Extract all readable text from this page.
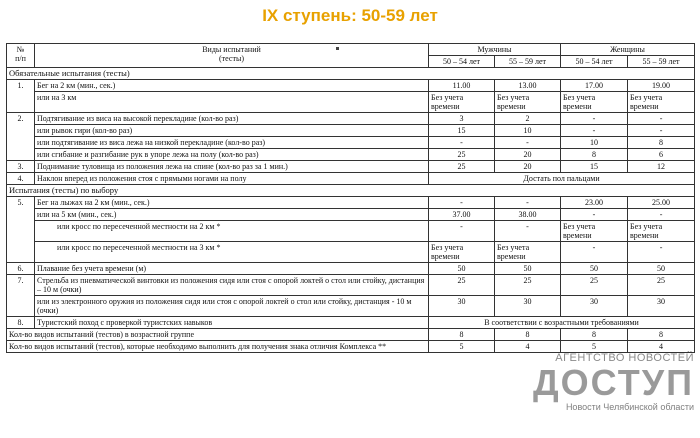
IX ступень: 50-59 лет
№
п/п	Виды испытаний
(тесты)	Мужчины		Женщины	
		50 – 54 лет	55 – 59 лет	50 – 54 лет	55 – 59 лет
Обязательные испытания (тесты)					
1.	Бег на 2 км (мин., сек.)	11.00	13.00	17.00	19.00
	или на 3 км	Без учета времени	Без учета времени	Без учета времени	Без учета времени
2.	Подтягивание из виса на высокой перекладине (кол-во раз)	3	2	-	-
	или рывок гири (кол-во раз)	15	10	-	-
	или подтягивание из виса лежа на низкой перекладине (кол-во раз)	-	-	10	8
	или сгибание и разгибание рук в упоре лежа на полу (кол-во раз)	25	20	8	6
3.	Поднимание туловища из положения лежа на спине (кол-во раз за 1 мин.)	25	20	15	12
4.	Наклон вперед из положения стоя с прямыми ногами на полу	Достать пол пальцами			
Испытания (тесты) по выбору					
5.	Бег на лыжах на 2 км (мин., сек.)	-	-	23.00	25.00
	или на 5 км (мин., сек.)	37.00	38.00	-	-
	или кросс по пересеченной местности на 2 км *	-	-	Без учета времени	Без учета времени
	или кросс по пересеченной местности на 3 км *	Без учета времени	Без учета времени	-	-
6.	Плавание без учета времени (м)	50	50	50	50
7.	Стрельба из пневматической винтовки из положения сидя или стоя с опорой локтей о стол или стойку, дистанция – 10 м (очки)	25	25	25	25
	или из электронного оружия из положения сидя или стоя с опорой локтей о стол или стойку, дистанция - 10 м (очки)	30	30	30	30
8.	Туристский поход с проверкой туристских навыков	В соответствии с возрастными требованиями			
Кол-во видов испытаний (тестов) в возрастной группе		8	8	8	8
Кол-во видов испытаний (тестов), которые необходимо выполнить для получения знака отличия Комплекса **		5	4	5	4
АГЕНТСТВО НОВОСТЕЙ
ДОСТУП
Новости Челябинской области
